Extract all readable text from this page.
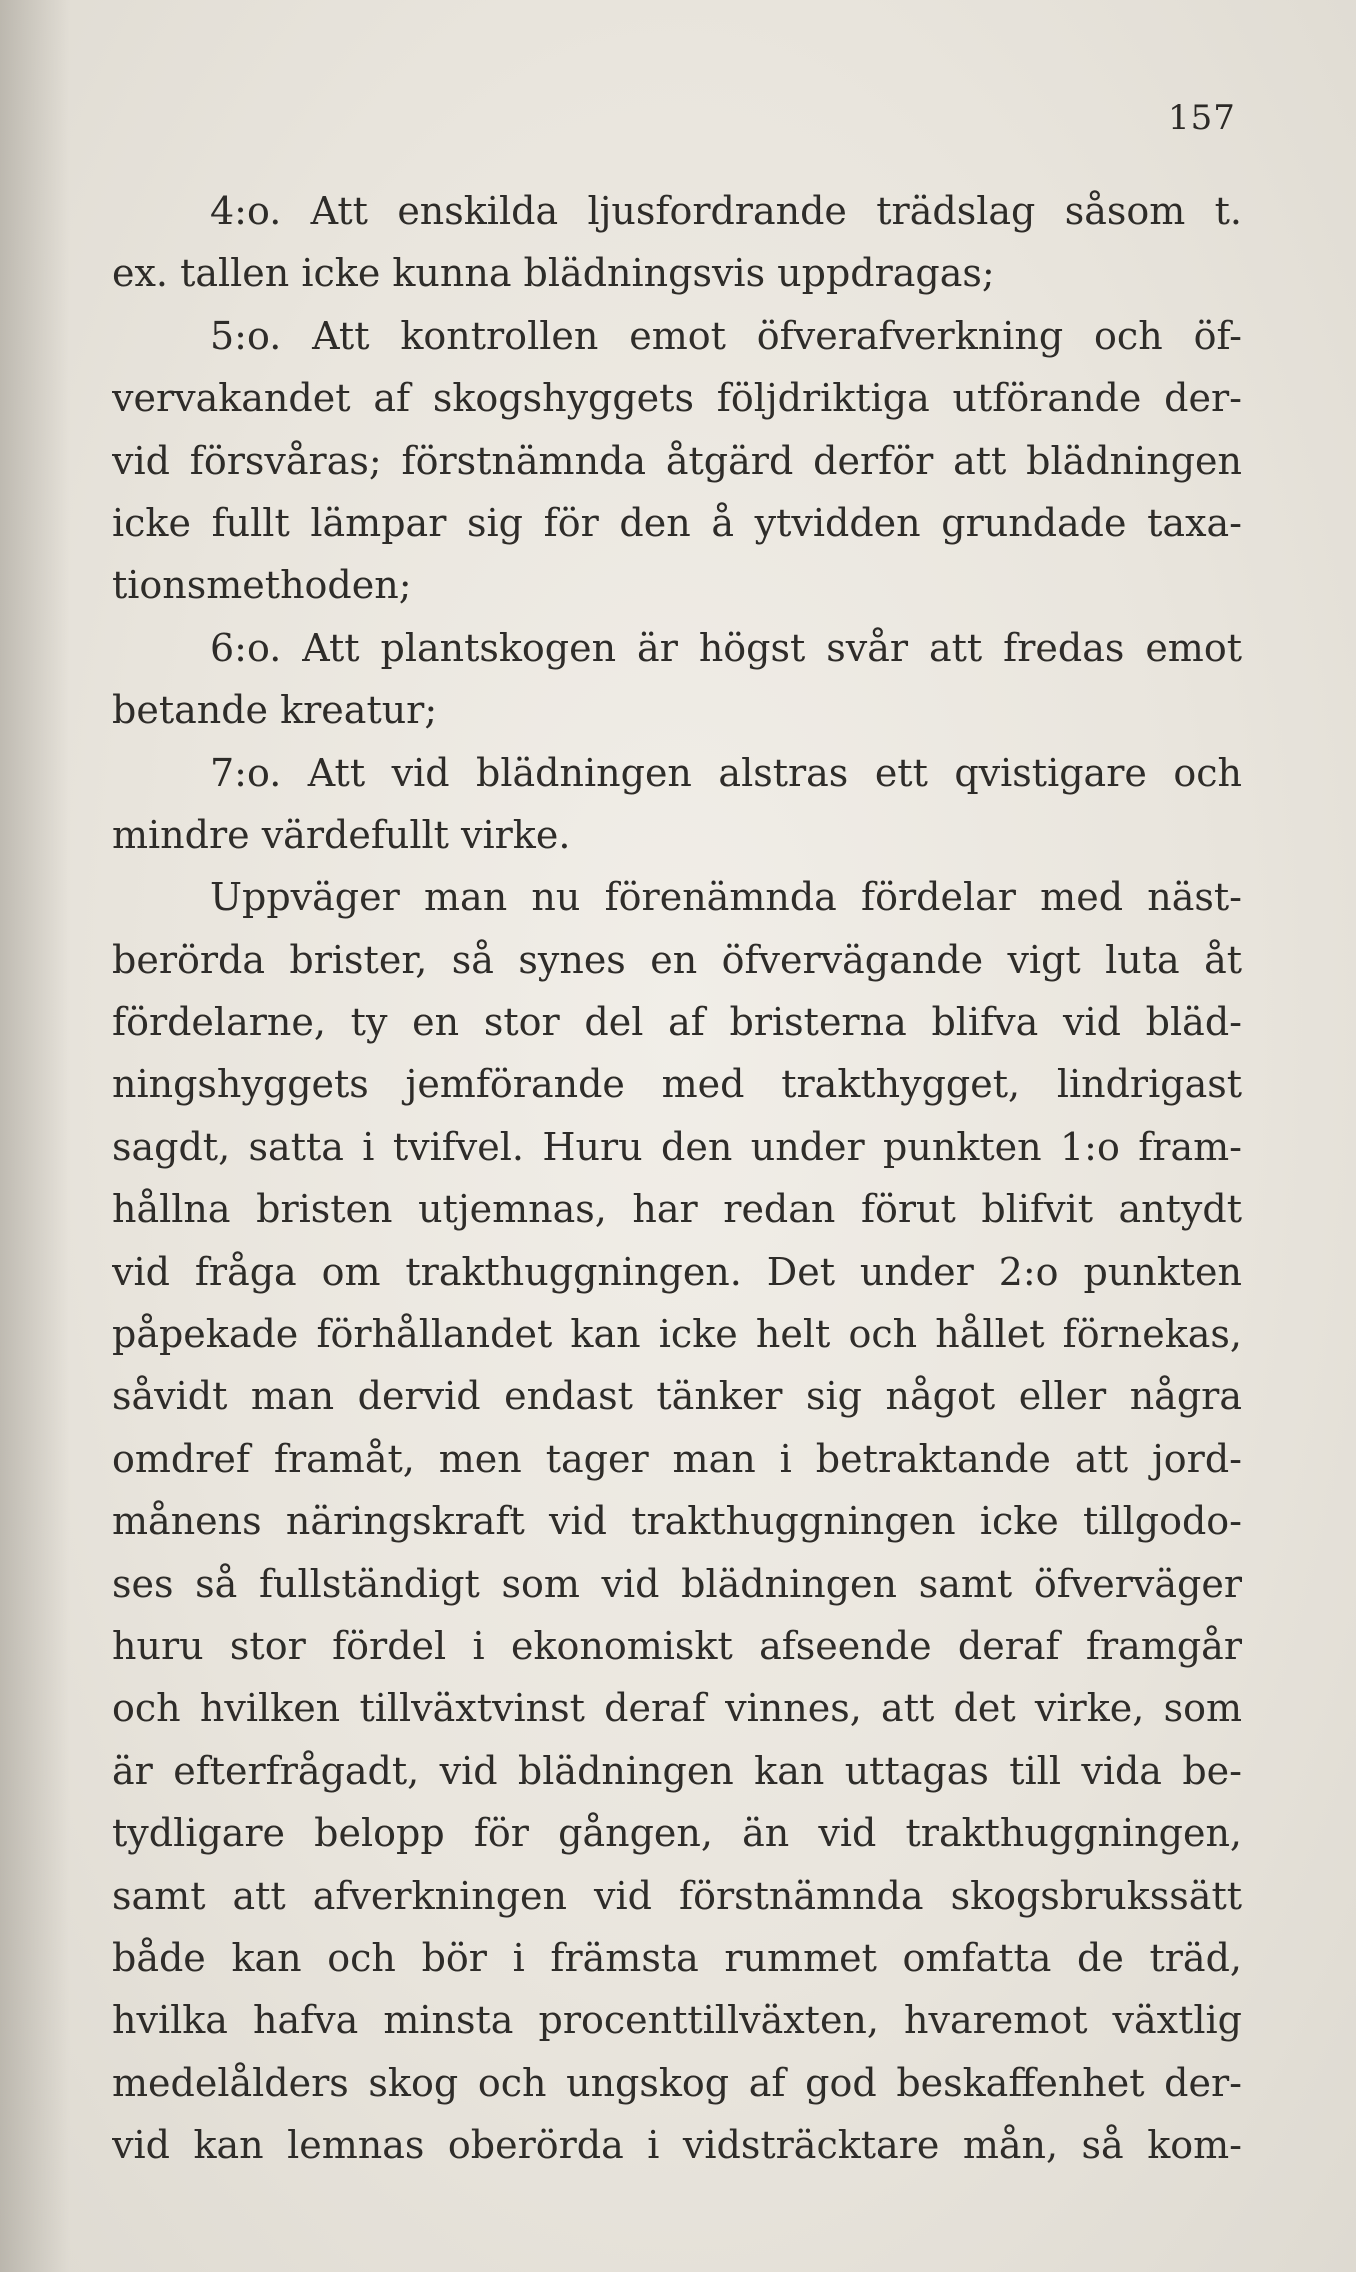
157
4:o. Att enskilda ljusfordrande trädslag såsom t.
ex. tallen icke kunna blädningsvis uppdragas;
5:o. Att kontrollen emot öfverafverkning och öf-
vervakandet af skogshyggets följdriktiga utförande der-
vid försvåras; förstnämnda åtgärd derför att blädningen
icke fullt lämpar sig för den å ytvidden grundade taxa-
tionsmethoden;
6:o. Att plantskogen är högst svår att fredas emot
betande kreatur;
7:o. Att vid blädningen alstras ett qvistigare och
mindre värdefullt virke.
Uppväger man nu förenämnda fördelar med näst-
berörda brister, så synes en öfvervägande vigt luta åt
fördelarne, ty en stor del af bristerna blifva vid bläd-
ningshyggets jemförande med trakthygget, lindrigast
sagdt, satta i tvifvel. Huru den under punkten 1:o fram-
hållna bristen utjemnas, har redan förut blifvit antydt
vid fråga om trakthuggningen. Det under 2:o punkten
påpekade förhållandet kan icke helt och hållet förnekas,
såvidt man dervid endast tänker sig något eller några
omdref framåt, men tager man i betraktande att jord-
månens näringskraft vid trakthuggningen icke tillgodo-
ses så fullständigt som vid blädningen samt öfverväger
huru stor fördel i ekonomiskt afseende deraf framgår
och hvilken tillväxtvinst deraf vinnes, att det virke, som
är efterfrågadt, vid blädningen kan uttagas till vida be-
tydligare belopp för gången, än vid trakthuggningen,
samt att afverkningen vid förstnämnda skogsbrukssätt
både kan och bör i främsta rummet omfatta de träd,
hvilka hafva minsta procenttillväxten, hvaremot växtlig
medelålders skog och ungskog af god beskaffenhet der-
vid kan lemnas oberörda i vidsträcktare mån, så kom-
